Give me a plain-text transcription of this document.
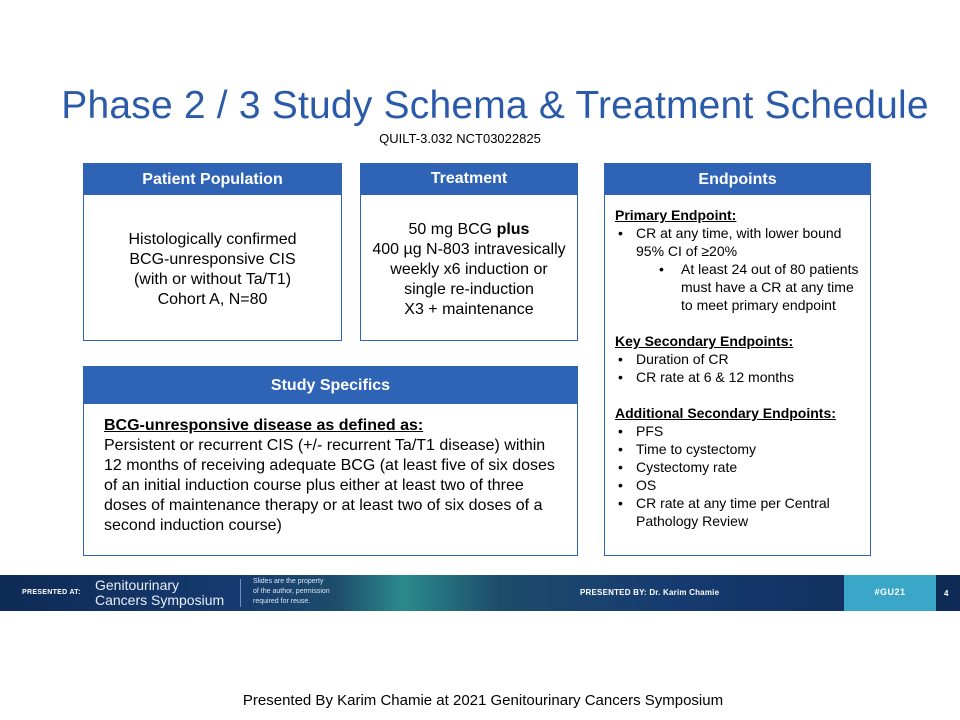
Phase 2 / 3 Study Schema & Treatment Schedule
QUILT-3.032 NCT03022825
Patient Population
Histologically confirmed
BCG-unresponsive CIS
(with or without Ta/T1)
Cohort A, N=80
Treatment
50 mg BCG plus
400 µg N-803 intravesically
weekly x6 induction or
single re-induction
X3 + maintenance
Endpoints
Primary Endpoint:
• CR at any time, with lower bound 95% CI of ≥20%
• At least 24 out of 80 patients must have a CR at any time to meet primary endpoint
Key Secondary Endpoints:
• Duration of CR
• CR rate at 6 & 12 months
Additional Secondary Endpoints:
• PFS
• Time to cystectomy
• Cystectomy rate
• OS
• CR rate at any time per Central Pathology Review
Study Specifics
BCG-unresponsive disease as defined as:
Persistent or recurrent CIS (+/- recurrent Ta/T1 disease) within 12 months of receiving adequate BCG (at least five of six doses of an initial induction course plus either at least two of three doses of maintenance therapy or at least two of six doses of a second induction course)
PRESENTED AT: Genitourinary
Cancers Symposium
Slides are the property
of the author, permission
required for reuse.
PRESENTED BY: Dr. Karim Chamie	#GU21	4
Presented By Karim Chamie at 2021 Genitourinary Cancers Symposium
